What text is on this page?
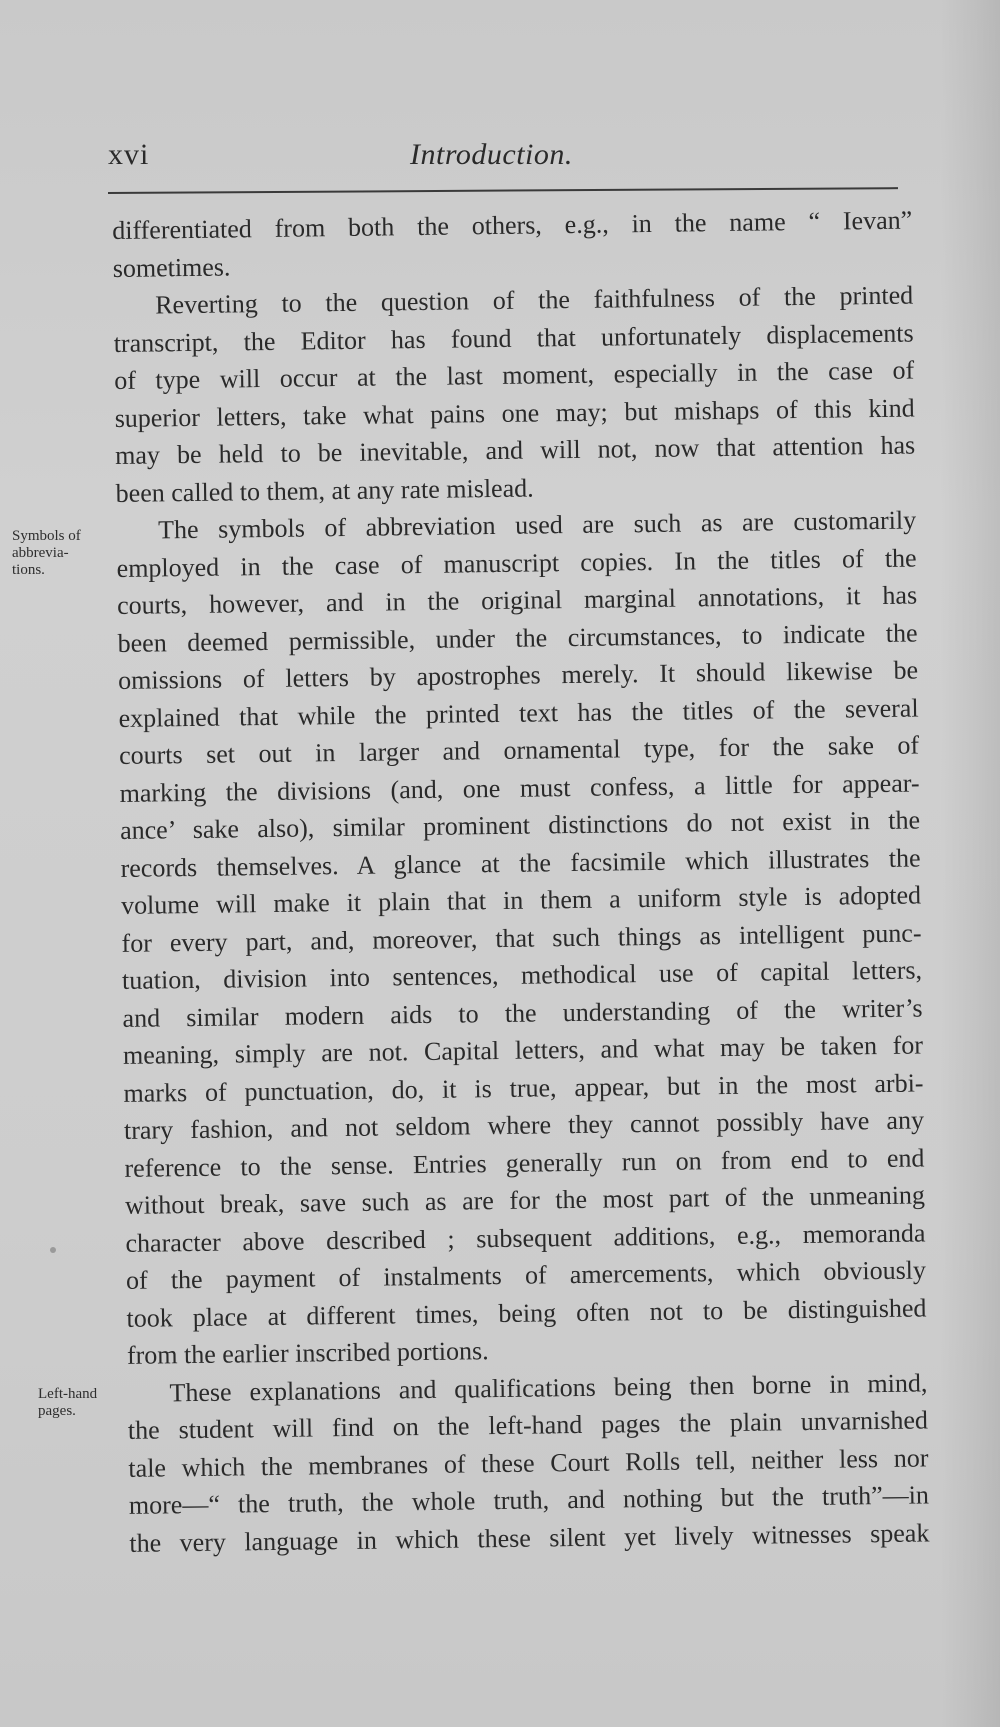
xvi	Introduction.
differentiated from both the others, e.g., in the name “ Ievan”
sometimes.
Reverting to the question of the faithfulness of the printed
transcript, the Editor has found that unfortunately displacements
of type will occur at the last moment, especially in the case of
superior letters, take what pains one may; but mishaps of this kind
may be held to be inevitable, and will not, now that attention has
been called to them, at any rate mislead.
The symbols of abbreviation used are such as are customarily
employed in the case of manuscript copies. In the titles of the
courts, however, and in the original marginal annotations, it has
been deemed permissible, under the circumstances, to indicate the
omissions of letters by apostrophes merely. It should likewise be
explained that while the printed text has the titles of the several
courts set out in larger and ornamental type, for the sake of
marking the divisions (and, one must confess, a little for appear-
ance’ sake also), similar prominent distinctions do not exist in the
records themselves. A glance at the facsimile which illustrates the
volume will make it plain that in them a uniform style is adopted
for every part, and, moreover, that such things as intelligent punc-
tuation, division into sentences, methodical use of capital letters,
and similar modern aids to the understanding of the writer’s
meaning, simply are not. Capital letters, and what may be taken for
marks of punctuation, do, it is true, appear, but in the most arbi-
trary fashion, and not seldom where they cannot possibly have any
reference to the sense. Entries generally run on from end to end
without break, save such as are for the most part of the unmeaning
character above described ; subsequent additions, e.g., memoranda
of the payment of instalments of amercements, which obviously
took place at different times, being often not to be distinguished
from the earlier inscribed portions.
These explanations and qualifications being then borne in mind,
the student will find on the left-hand pages the plain unvarnished
tale which the membranes of these Court Rolls tell, neither less nor
more—“ the truth, the whole truth, and nothing but the truth”—in
the very language in which these silent yet lively witnesses speak
Symbols of
abbrevia-
tions.
Left-hand
pages.
